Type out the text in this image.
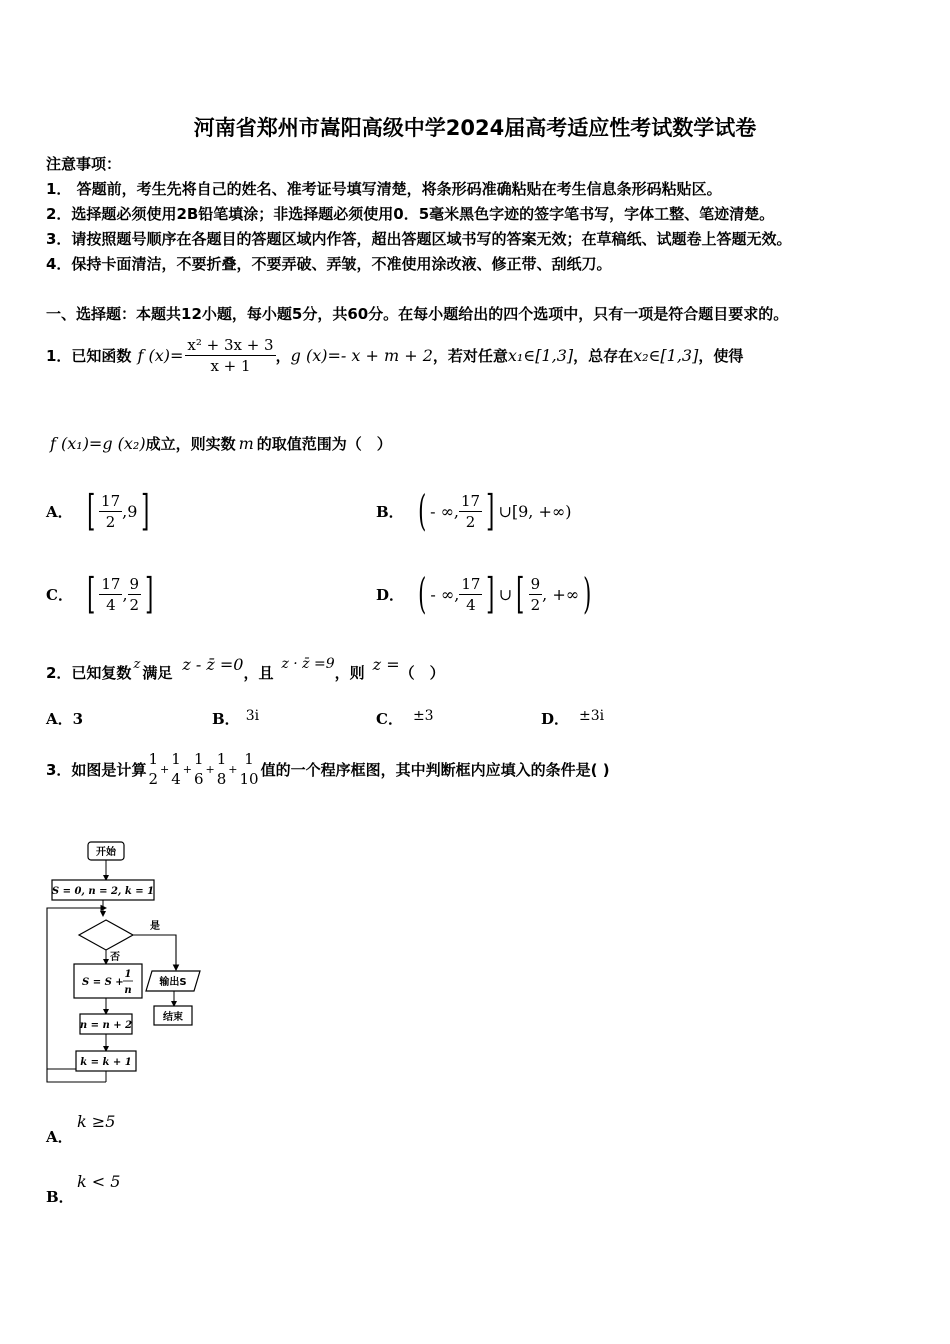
河南省郑州市嵩阳高级中学2024届高考适应性考试数学试卷
注意事项：
1． 答题前，考生先将自己的姓名、准考证号填写清楚，将条形码准确粘贴在考生信息条形码粘贴区。
2．选择题必须使用2B铅笔填涂；非选择题必须使用0．5毫米黑色字迹的签字笔书写，字体工整、笔迹清楚。
3．请按照题号顺序在各题目的答题区域内作答，超出答题区域书写的答案无效；在草稿纸、试题卷上答题无效。
4．保持卡面清洁，不要折叠，不要弄破、弄皱，不准使用涂改液、修正带、刮纸刀。
一、选择题：本题共12小题，每小题5分，共60分。在每小题给出的四个选项中，只有一项是符合题目要求的。
1．已知函数 f $(x)= \frac{\text{x² + 3x + 3}}{x + 1}$ ， g (x)=- x + m + 2 ，若对任意 x₁∈[1,3] ，总存在 x₂∈[1,3] ，使得
f (x₁)=g (x₂) 成立，则实数 m 的取值范围为（　）
A． [ $\frac{17}{2} ,9$ ]	B． ( - ∞, $\frac{17}{2}$ ] ∪[9, +∞)
C． [ $\frac{17}{4}$ , $\frac{9}{2}$ ]	D． ( - ∞, $\frac{17}{4}$ ] ∪ [ $\frac{9}{2}$ , +∞ )
2．已知复数 z 满足 z - z̄ =0 ，且 z · z̄ =9 ，则 z = （　）
A． 3	B． 3i	C． ±3	D． ±3i
3．如图是计算
1
2
+
1
4
+
1
6
+
1
8
+
1
10
值的一个程序框图，其中判断框内应填入的条件是( )
开始
S = 0, n = 2, k = 1
是
否
S = S +
1
n
输出S
结束
n = n + 2
k = k + 1
A．
k ≥5
B．
k < 5
